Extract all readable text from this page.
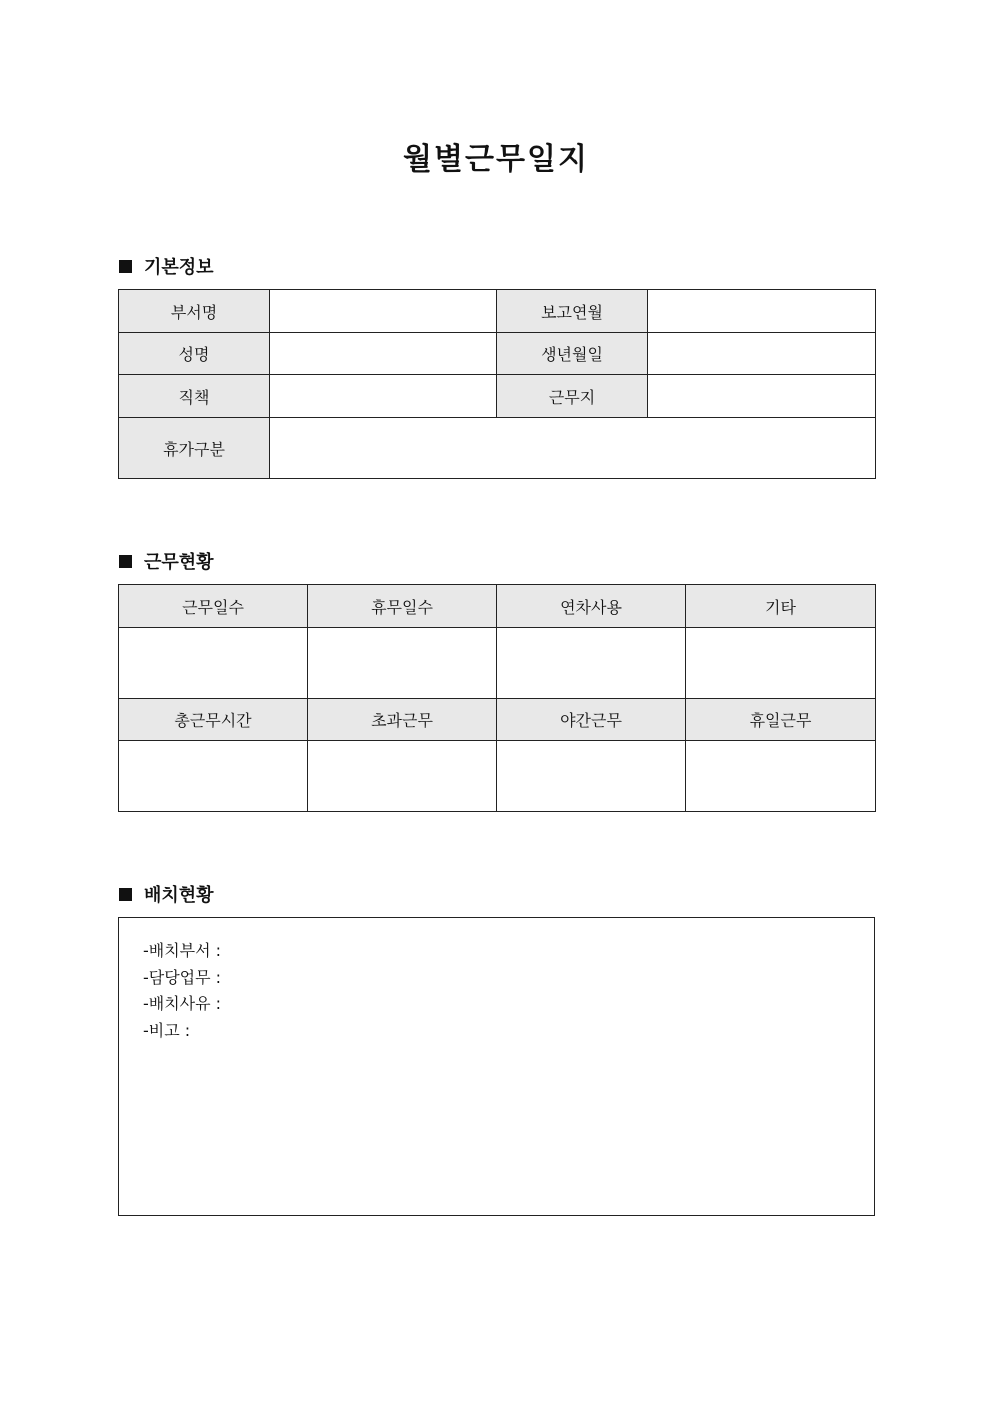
월별근무일지
기본정보
부서명		보고연월	
성명		생년월일	
직책		근무지	
휴가구분			
근무현황
근무일수	휴무일수	연차사용	기타

총근무시간	초과근무	야간근무	휴일근무

배치현황
-배치부서 :
-담당업무 :
-배치사유 :
-비고 :
